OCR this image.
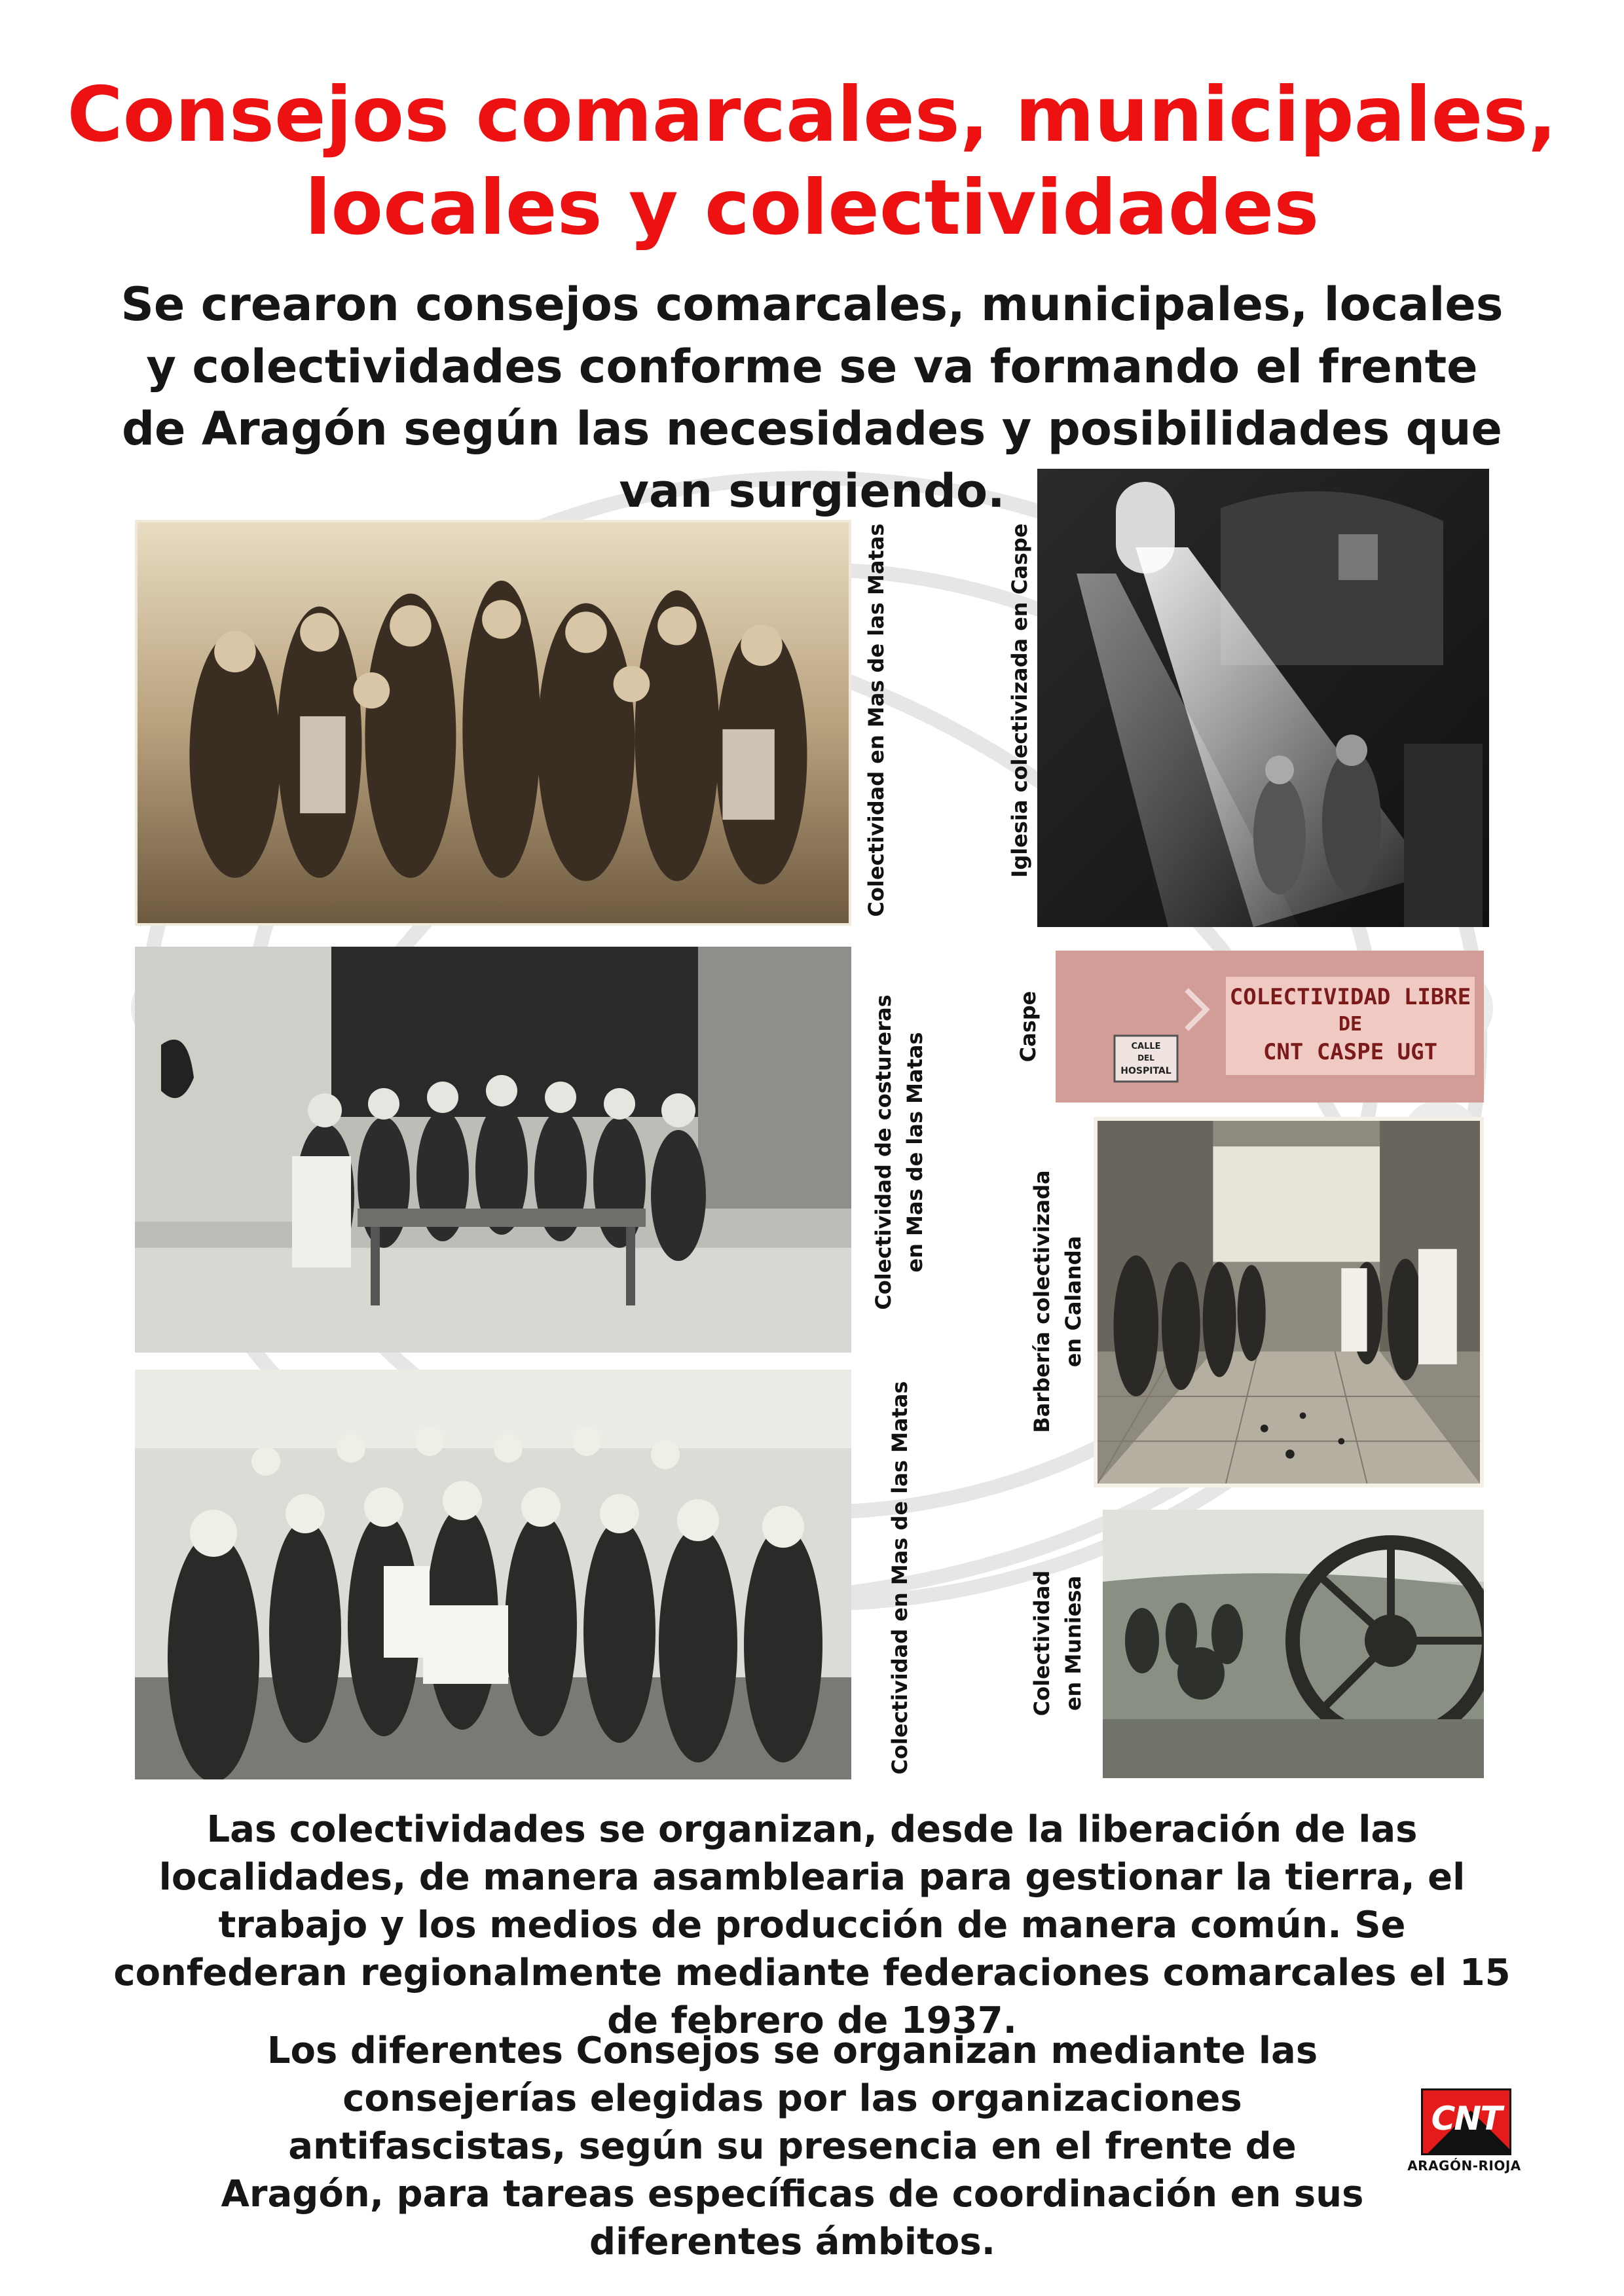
Consejos comarcales, municipales,
locales y colectividades

Se crearon consejos comarcales, municipales, locales y colectividades conforme se va formando el frente de Aragón según las necesidades y posibilidades que van surgiendo.

Colectividad en Mas de las Matas	Iglesia colectivizada en Caspe
Colectividad de costureras en Mas de las Matas
COLECTIVIDAD LIBRE
DE
CNT CASPE UGT
CALLE
DEL
HOSPITAL
Caspe
Barbería colectivizada en Calanda
Colectividad en Mas de las Matas	Colectividad en Muniesa

Las colectividades se organizan, desde la liberación de las localidades, de manera asamblearia para gestionar la tierra, el trabajo y los medios de producción de manera común. Se confederan regionalmente mediante federaciones comarcales el 15 de febrero de 1937.

Los diferentes Consejos se organizan mediante las consejerías elegidas por las organizaciones antifascistas, según su presencia en el frente de Aragón, para tareas específicas de coordinación en sus diferentes ámbitos.

CNT
ARAGÓN-RIOJA
